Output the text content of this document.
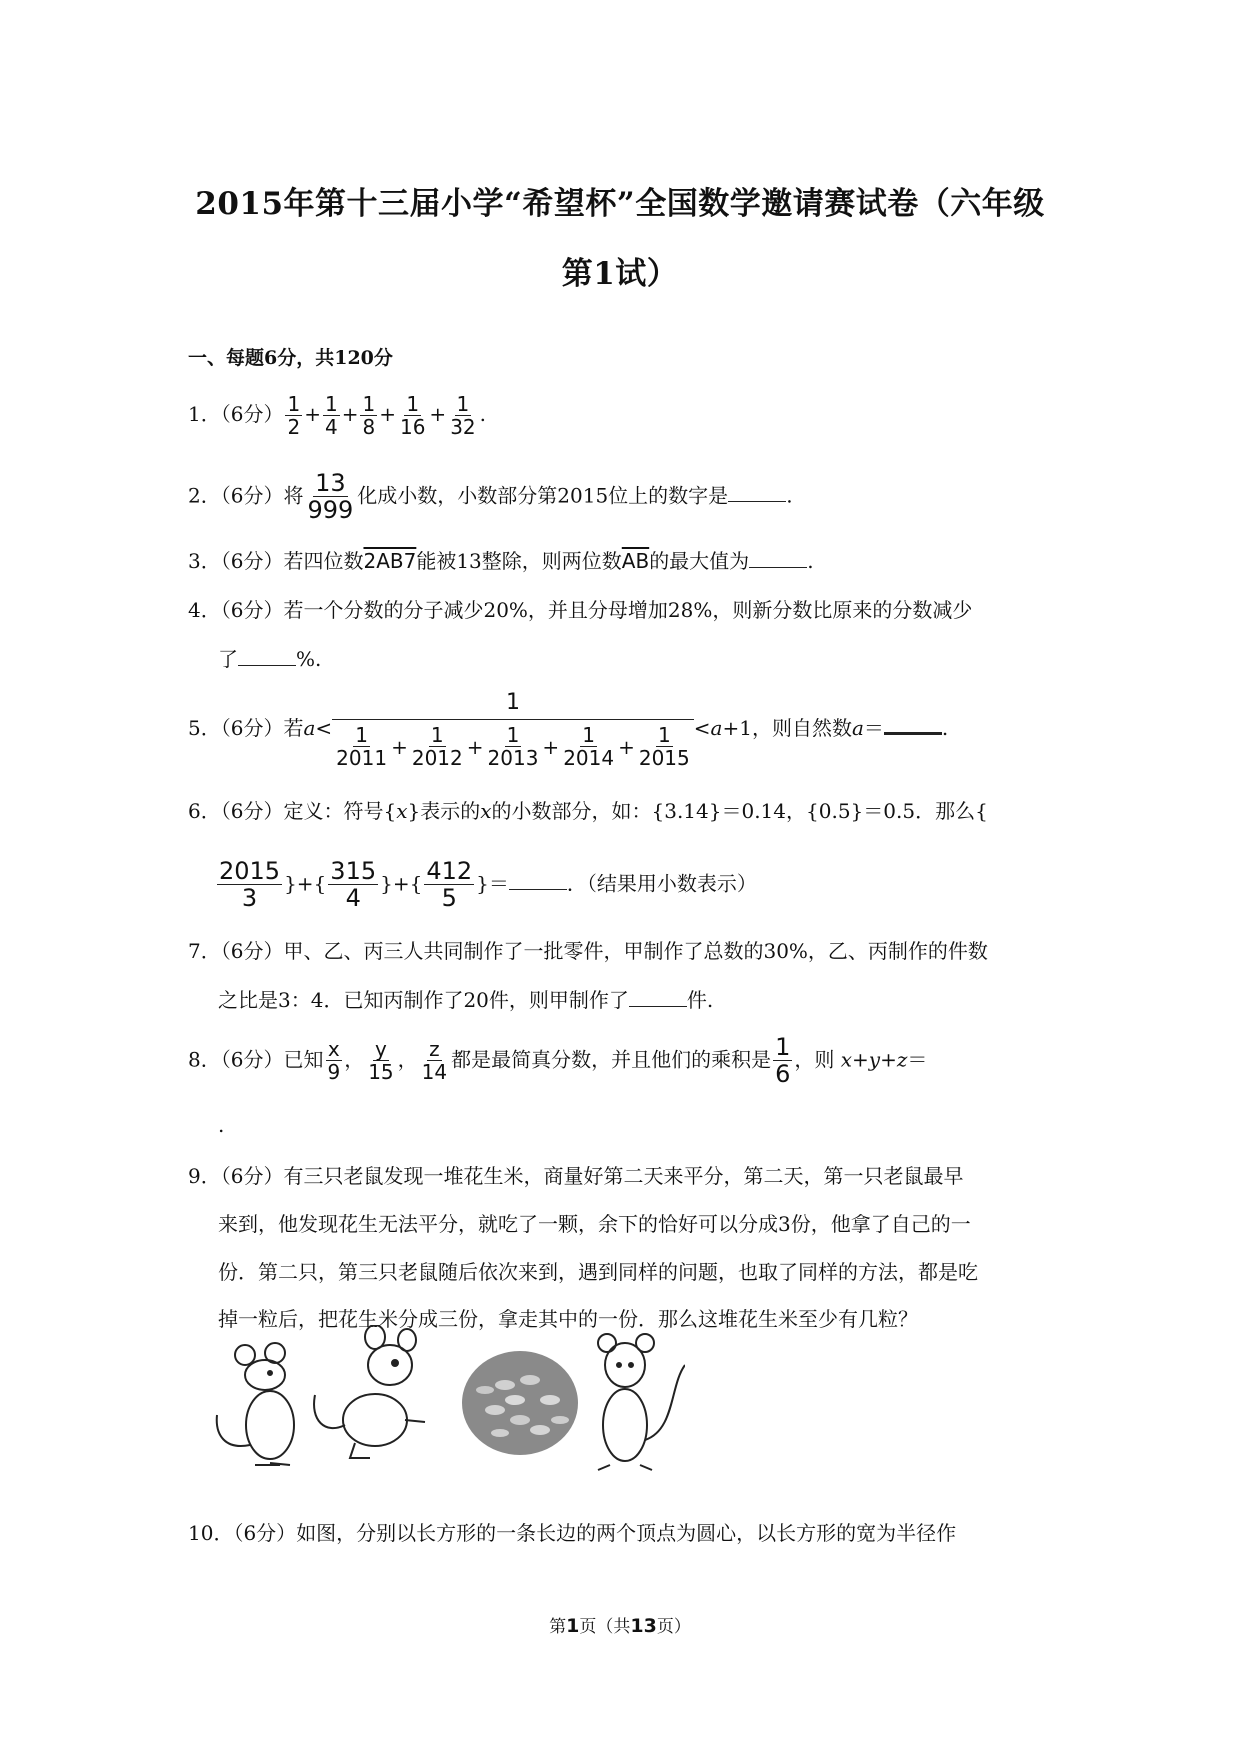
2015年第十三届小学“希望杯”全国数学邀请赛试卷（六年级
第1试）
一、每题6分，共120分
1．（6分） $\frac{1}{2} + \frac{1}{4} + \frac{1}{8} + \frac{1}{16} + \frac{1}{32}$ .
2．（6分）将 $\frac{13}{999}$ 化成小数，小数部分第2015位上的数字是	.
3．（6分）若四位数2AB7能被13整除，则两位数$\overline{AB}$的最大值为	.
4．（6分）若一个分数的分子减少20%，并且分母增加28%，则新分数比原来的分数减少
了	%.
5．（6分）若$a< \frac{1}{\frac{1}{2011} + \frac{1}{2012} + \frac{1}{2013} + \frac{1}{2014} + \frac{1}{2015}} <a+1$，则自然数a＝	.
6．（6分）定义：符号{x}表示的x的小数部分，如：{3.14}＝0.14，{0.5}＝0.5．那么{
$\frac{2015}{3}$ }+{ $\frac{315}{4}$ }+{ $\frac{412}{5}$ }＝	．（结果用小数表示）
7．（6分）甲、乙、丙三人共同制作了一批零件，甲制作了总数的30%，乙、丙制作的件数
之比是3：4．已知丙制作了20件，则甲制作了	件.
8．（6分）已知 $\frac{x}{9}$ ， $\frac{y}{15}$ ， $\frac{z}{14}$ 都是最简真分数，并且他们的乘积是 $\frac{1}{6}$ ，则 x+y+z＝
.
9．（6分）有三只老鼠发现一堆花生米，商量好第二天来平分，第二天，第一只老鼠最早
来到，他发现花生无法平分，就吃了一颗，余下的恰好可以分成3份，他拿了自己的一
份．第二只，第三只老鼠随后依次来到，遇到同样的问题，也取了同样的方法，都是吃
掉一粒后，把花生米分成三份，拿走其中的一份．那么这堆花生米至少有几粒？
10．（6分）如图，分别以长方形的一条长边的两个顶点为圆心，以长方形的宽为半径作
第1页（共13页）
